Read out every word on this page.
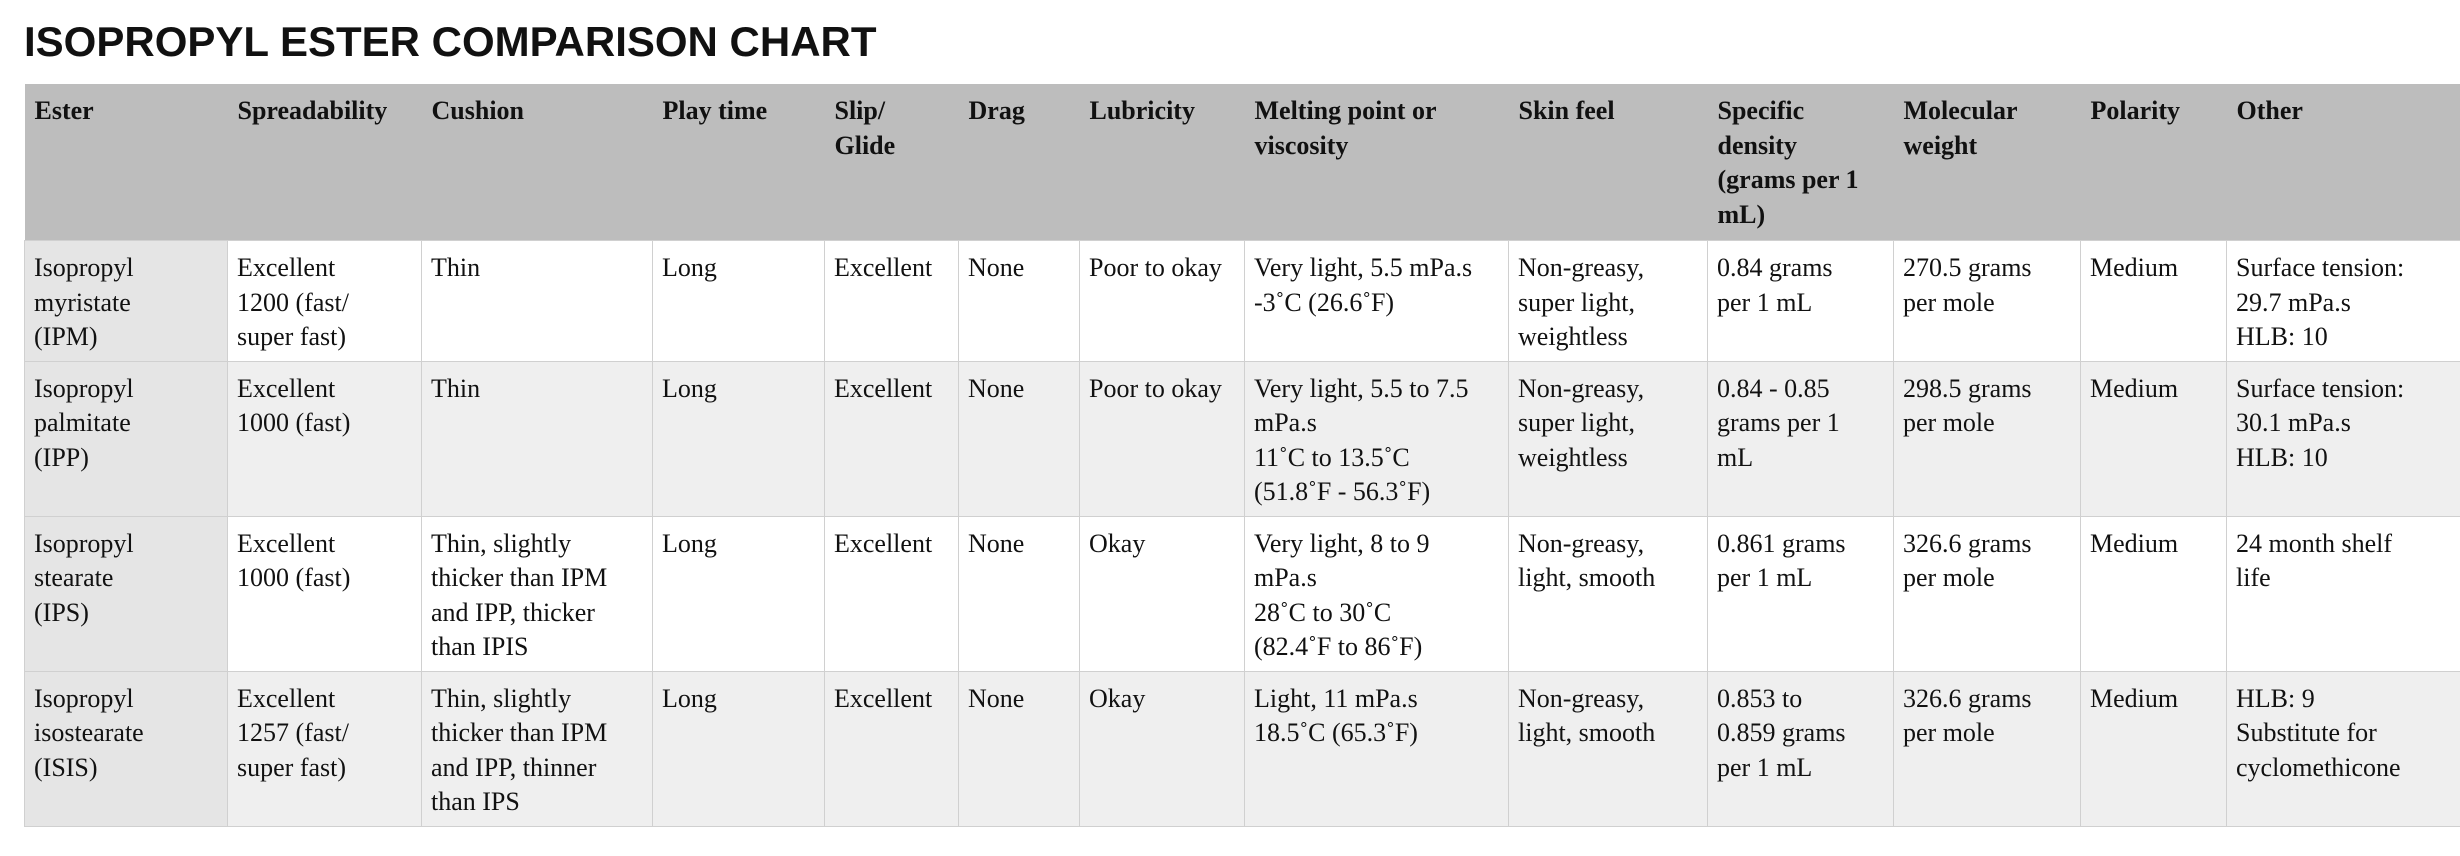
ISOPROPYL ESTER COMPARISON CHART
Ester	Spreadability	Cushion	Play time	Slip/
Glide	Drag	Lubricity	Melting point or
viscosity	Skin feel	Specific
density
(grams per 1
mL)	Molecular
weight	Polarity	Other

Isopropyl
myristate
(IPM)	Excellent
1200 (fast/
super fast)	Thin	Long	Excellent	None	Poor to okay	Very light, 5.5 mPa.s
-3˚C (26.6˚F)	Non-greasy,
super light,
weightless	0.84 grams
per 1 mL	270.5 grams
per mole	Medium	Surface tension:
29.7 mPa.s
HLB: 10

Isopropyl
palmitate
(IPP)	Excellent
1000 (fast)	Thin	Long	Excellent	None	Poor to okay	Very light, 5.5 to 7.5
mPa.s
11˚C to 13.5˚C
(51.8˚F - 56.3˚F)	Non-greasy,
super light,
weightless	0.84 - 0.85
grams per 1
mL	298.5 grams
per mole	Medium	Surface tension:
30.1 mPa.s
HLB: 10

Isopropyl
stearate
(IPS)	Excellent
1000 (fast)	Thin, slightly
thicker than IPM
and IPP, thicker
than IPIS	Long	Excellent	None	Okay	Very light, 8 to 9
mPa.s
28˚C to 30˚C
(82.4˚F to 86˚F)	Non-greasy,
light, smooth	0.861 grams
per 1 mL	326.6 grams
per mole	Medium	24 month shelf
life

Isopropyl
isostearate
(ISIS)	Excellent
1257 (fast/
super fast)	Thin, slightly
thicker than IPM
and IPP, thinner
than IPS	Long	Excellent	None	Okay	Light, 11 mPa.s
18.5˚C (65.3˚F)	Non-greasy,
light, smooth	0.853 to
0.859 grams
per 1 mL	326.6 grams
per mole	Medium	HLB: 9
Substitute for
cyclomethicone
